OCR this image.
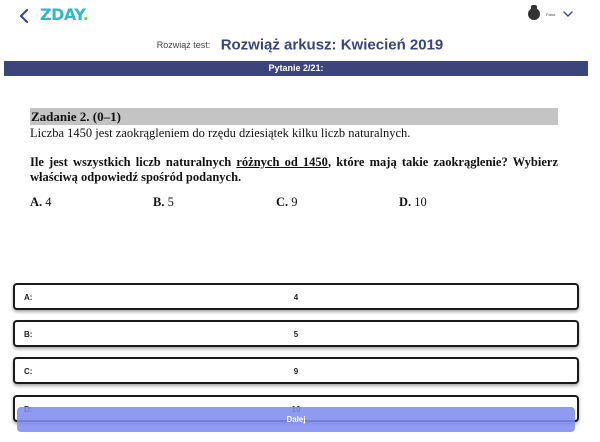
ZDAY.	Fatur
Rozwiąż test: Rozwiąż arkusz: Kwiecień 2019
Pytanie 2/21:
Zadanie 2. (0–1)
Liczba 1450 jest zaokrągleniem do rzędu dziesiątek kilku liczb naturalnych.
Ile jest wszystkich liczb naturalnych różnych od 1450, które mają takie zaokrąglenie? Wybierz właściwą odpowiedź spośród podanych.
A. 4	B. 5	C. 9	D. 10
4
A:
5
B:
9
C:
Dalej
